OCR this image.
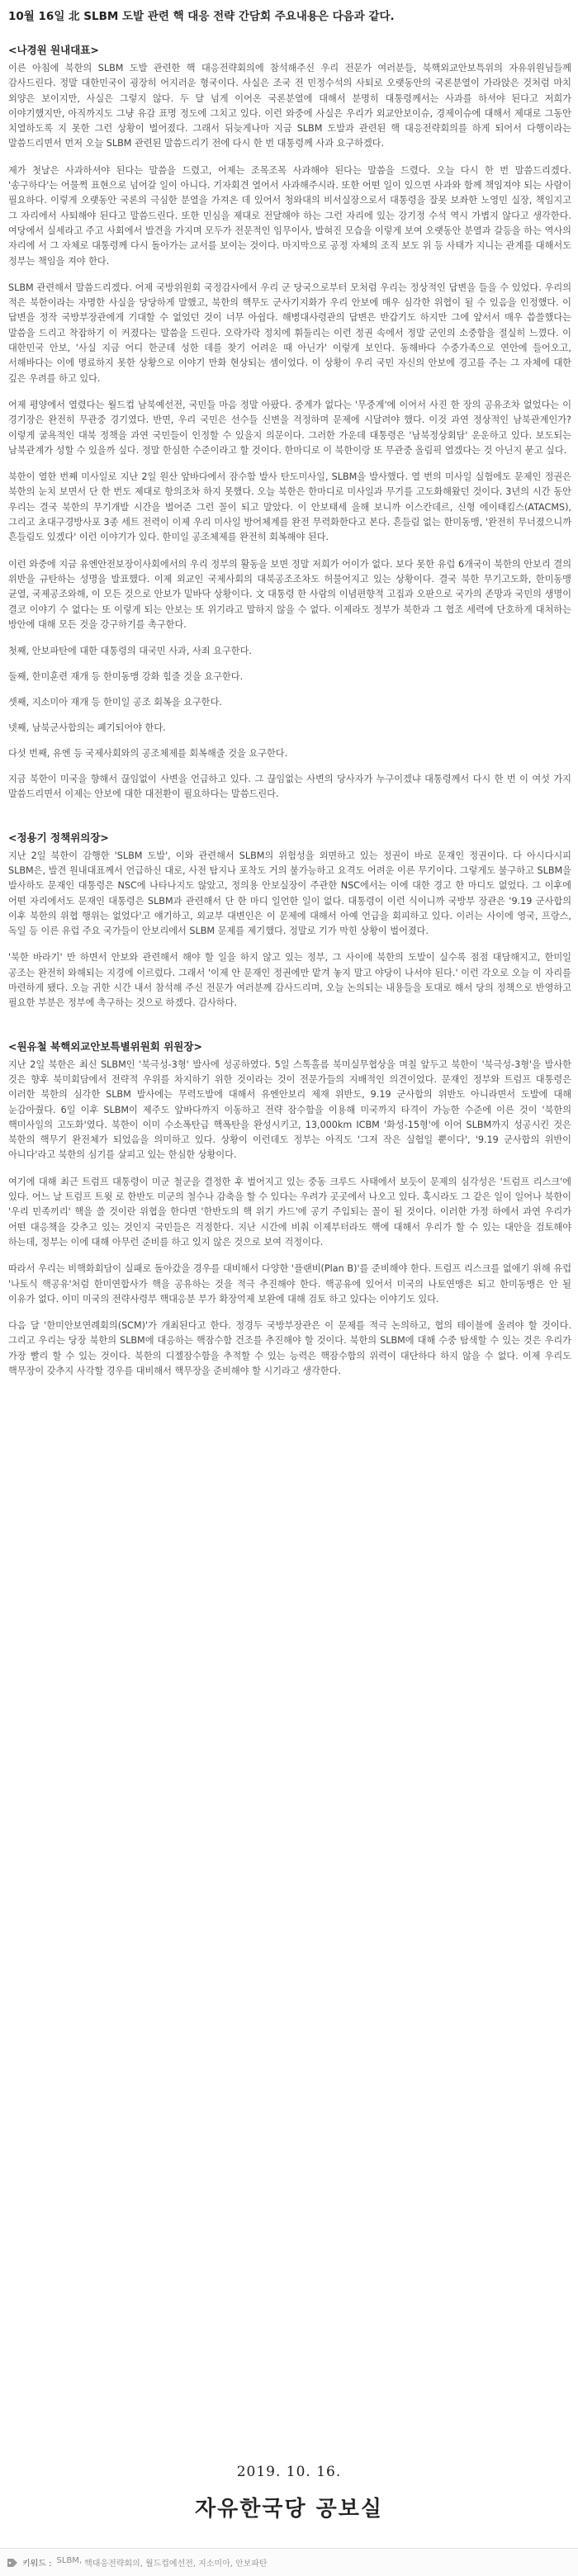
10월 16일 北 SLBM 도발 관련 핵 대응 전략 간담회 주요내용은 다음과 같다.

<나경원 원내대표>

이른 아침에 북한의 SLBM 도발 관련한 핵 대응전략회의에 참석해주신 우리 전문가 여러분들, 북핵외교안보특위의 자유위원님들께 감사드린다. 정말 대한민국이 굉장히 어지러운 형국이다. 사실은 조국 전 민정수석의 사퇴로 오랫동안의 국론분열이 가라앉은 것처럼 마치 외양은 보이지만, 사실은 그렇지 않다. 두 달 넘게 이어온 국론분열에 대해서 분명히 대통령께서는 사과를 하셔야 된다고 저희가 이야기했지만, 아직까지도 그냥 유감 표명 정도에 그치고 있다. 이런 와중에 사실은 우리가 외교안보이슈, 경제이슈에 대해서 제대로 그동안 치열하도록 지 못한 그런 상황이 벌어졌다. 그래서 뒤늦게나마 지금 SLBM 도발과 관련된 핵 대응전략회의를 하게 되어서 다행이라는 말씀드리면서 먼저 오늘 SLBM 관련된 말씀드리기 전에 다시 한 번 대통령께 사과 요구하겠다.

제가 첫날은 사과하셔야 된다는 말씀을 드렸고, 어제는 조목조목 사과해야 된다는 말씀을 드렸다. 오늘 다시 한 번 말씀드리겠다. '송구하다'는 어물쩍 표현으로 넘어갈 일이 아니다. 기자회견 열어서 사과해주시라. 또한 어떤 일이 있으면 사과와 함께 책임져야 되는 사람이 필요하다. 이렇게 오랫동안 국론의 극심한 분열을 가져온 데 있어서 청와대의 비서실장으로서 대통령을 잘못 보좌한 노영민 실장, 책임지고 그 자리에서 사퇴해야 된다고 말씀드린다. 또한 민심을 제대로 전달해야 하는 그런 자리에 있는 강기정 수석 역시 가볍지 않다고 생각한다. 여당에서 실세라고 주고 사회에서 발견을 가지며 모두가 전문적인 임무이사, 발혀진 모습을 이렇게 보여 오랫동안 분열과 갈등을 하는 역사의 자리에 서 그 자체로 대통령께 다시 돌아가는 교서를 보이는 것이다. 마지막으로 공정 자체의 조직 보도 위 등 사태가 지니는 관계를 대해서도 정부는 책임을 져야 한다.

SLBM 관련해서 말씀드리겠다. 어제 국방위원회 국정감사에서 우리 군 당국으로부터 모처럼 우리는 정상적인 답변을 들을 수 있었다. 우리의 적은 북한이라는 자명한 사실을 당당하게 말했고, 북한의 핵무도 군사기지화가 우리 안보에 매우 심각한 위협이 될 수 있음을 인정했다. 이 답변을 정작 국방부장관에게 기대할 수 없었던 것이 너무 아쉽다. 해병대사령관의 답변은 반갑기도 하지만 그에 앞서서 매우 씁쓸했다는 말씀을 드리고 착잡하기 이 커졌다는 말씀을 드린다. 오락가락 정치에 휘둘리는 이런 정권 속에서 정말 군인의 소중함을 절실히 느꼈다. 이 대한민국 안보, '사실 지금 어디 한군데 성한 데를 찾기 어려운 때 아닌가' 이렇게 보인다. 동해바다 수중가족으로 연안에 들어오고, 서해바다는 이에 명료하지 못한 상황으로 이야기 만화 현상되는 셈이었다. 이 상황이 우리 국민 자신의 안보에 경고를 주는 그 자체에 대한 깊은 우려를 하고 있다.

어제 평양에서 열렸다는 월드컵 남북예선전, 국민들 마음 정말 아팠다. 중계가 없다는 '무중계'에 이어서 사진 한 장의 공유조차 없었다는 이 경기장은 완전히 무관중 경기였다. 반면, 우리 국민은 선수들 신변을 걱정하며 문제에 시달려야 했다. 이것 과연 정상적인 남북관계인가? 이렇게 굴욕적인 대북 정책을 과연 국민들이 인정할 수 있을지 의문이다. 그러한 가운데 대통령은 '남북정상회담' 운운하고 있다. 보도되는 남북관계가 성할 수 있을까 싶다. 정말 한심한 수준이라고 할 것이다. 한마디로 이 북한이랑 또 무관중 올림픽 열겠다는 것 아닌지 묻고 싶다.

북한이 열한 번째 미사일로 지난 2일 원산 앞바다에서 잠수함 발사 탄도미사일, SLBM을 발사했다. 열 번의 미사일 실험에도 문제인 정권은 북한의 눈치 보면서 단 한 번도 제대로 항의조차 하지 못했다. 오늘 북한은 한마디로 미사일과 무기를 고도화해왔던 것이다. 3년의 시간 동안 우리는 결국 북한의 무기개발 시간을 벌어준 그런 꼴이 되고 말았다. 이 안보태세 을해 보니까 이스칸데르, 신형 에이태킴스(ATACMS), 그리고 초대구경방사포 3종 세트 전력이 이제 우리 미사일 방어체계를 완전 무력화한다고 본다. 흔들림 없는 한미동맹, '완전히 무너졌으니까 흔들림도 있겠다' 이런 이야기가 있다. 한미일 공조체제를 완전히 회복해야 된다.

이런 와중에 지금 유엔안전보장이사회에서의 우리 정부의 활동을 보면 정말 저희가 어이가 없다. 보다 못한 유럽 6개국이 북한의 안보리 결의 위반을 규탄하는 성명을 발표했다. 이제 외교인 국제사회의 대북공조조차도 허물어지고 있는 상황이다. 결국 북한 무기고도화, 한미동맹 균열, 국제공조와해, 이 모든 것으로 안보가 밑바닥 상황이다. 文 대통령 한 사람의 이념편향적 고집과 오판으로 국가의 존망과 국민의 생명이 결코 이야기 수 없다는 또 이렇게 되는 안보는 또 위기라고 말하지 않을 수 없다. 이제라도 정부가 북한과 그 협조 세력에 단호하게 대처하는 방안에 대해 모든 것을 강구하기를 촉구한다.

첫째, 안보파탄에 대한 대통령의 대국민 사과, 사죄 요구한다.

둘째, 한미훈련 재개 등 한미동맹 강화 힘줄 것을 요구한다.

셋째, 지소미아 재개 등 한미일 공조 회복을 요구한다.

넷째, 남북군사합의는 폐기되어야 한다.

다섯 번째, 유엔 등 국제사회와의 공조체제를 회복해줄 것을 요구한다.

지금 북한이 미국을 향해서 끊임없이 사변을 언급하고 있다. 그 끊임없는 사변의 당사자가 누구이겠냐 대통령께서 다시 한 번 이 여섯 가지 말씀드리면서 이제는 안보에 대한 대전환이 필요하다는 말씀드린다.

<정용기 정책위의장>

지난 2일 북한이 감행한 'SLBM 도발', 이와 관련해서 SLBM의 위험성을 외면하고 있는 정권이 바로 문재인 정권이다. 다 아시다시피 SLBM은, 발견 원내대표께서 언급하신 대로, 사전 탐지나 포착도 거의 불가능하고 요격도 어려운 이른 무기이다. 그렇게도 불구하고 SLBM을 발사하도 문재인 대통령은 NSC에 나타나지도 않았고, 정의용 안보실장이 주관한 NSC에서는 이에 대한 경고 한 마디도 없었다. 그 이후에 어떤 자리에서도 문재인 대통령은 SLBM과 관련해서 단 한 마디 일언한 일이 없다. 대통령이 이런 식이니까 국방부 장관은 '9.19 군사합의 이후 북한의 위협 행위는 없었다'고 얘기하고, 외교부 대변인은 이 문제에 대해서 아예 언급을 회피하고 있다. 이러는 사이에 영국, 프랑스, 독일 등 이른 유럽 주요 국가들이 안보리에서 SLBM 문제를 제기했다. 정말로 기가 막힌 상황이 벌어졌다.

'북한 바라기' 만 하면서 안보와 관련해서 해야 할 일을 하지 않고 있는 정부, 그 사이에 북한의 도발이 실수록 점점 대담해지고, 한미일 공조는 완전히 와해되는 지경에 이르렀다. 그래서 '이제 안 문재인 정권에만 맡겨 놓지 말고 야당이 나서야 된다.' 이런 각오로 오늘 이 자리를 마련하게 됐다. 오늘 귀한 시간 내서 참석해 주신 전문가 여러분께 감사드리며, 오늘 논의되는 내용들을 토대로 해서 당의 정책으로 반영하고 필요한 부분은 정부에 촉구하는 것으로 하겠다. 감사하다.

<원유철 북핵외교안보특별위원회 위원장>

지난 2일 북한은 최신 SLBM인 '북극성-3형' 발사에 성공하였다. 5일 스톡홀름 북미실무협상을 며칠 앞두고 북한이 '북극성-3형'을 발사한 것은 향후 북미회담에서 전략적 우위를 차지하기 위한 것이라는 것이 전문가들의 지배적인 의견이었다. 문재인 정부와 트럼프 대통령은 이러한 북한의 심각한 SLBM 발사에는 무력도발에 대해서 유엔안보리 제재 위반도, 9.19 군사합의 위반도 아니라면서 도발에 대해 눈감아줬다. 6일 이후 SLBM이 제주도 앞바다까지 이동하고 전략 잠수함을 이용해 미국까지 타격이 가능한 수준에 이른 것이 '북한의 핵미사일의 고도화'였다. 북한이 이미 수소폭탄급 핵폭탄을 완성시키고, 13,000km ICBM '화성-15형'에 이어 SLBM까지 성공시킨 것은 북한의 핵무기 완전체가 되었음을 의미하고 있다. 상황이 이런데도 정부는 아직도 '그저 작은 실험일 뿐이다', '9.19 군사합의 위반이 아니다'라고 북한의 심기를 살피고 있는 한심한 상황이다.

여기에 대해 최근 트럼프 대통령이 미군 철군을 결정한 후 벌어지고 있는 중동 크루드 사태에서 보듯이 문제의 심각성은 '트럼프 리스크'에 있다. 어느 날 트럼프 트윗 로 한반도 미군의 철수나 감축을 할 수 있다는 우려가 곳곳에서 나오고 있다. 혹시라도 그 같은 일이 일어나 북한이 '우리 민족끼리' 핵을 쓸 것이란 위협을 한다면 '한반도의 핵 위기 카드'에 공기 주입되는 꼴이 될 것이다. 이러한 가정 하에서 과연 우리가 어떤 대응책을 갖추고 있는 것인지 국민들은 걱정한다. 지난 시간에 비춰 이제부터라도 핵에 대해서 우리가 할 수 있는 대안을 검토해야 하는데, 정부는 이에 대해 아무런 준비를 하고 있지 않은 것으로 보여 걱정이다.

따라서 우리는 비핵화회담이 실패로 돌아갔을 경우를 대비해서 다양한 '플랜비(Plan B)'를 준비해야 한다. 트럼프 리스크를 없애기 위해 유럽 '나토식 핵공유'처럼 한미연합사가 핵을 공유하는 것을 적극 추진해야 한다. 핵공유에 있어서 미국의 나토연맹은 되고 한미동맹은 안 될 이유가 없다. 이미 미국의 전략사령부 핵대응분 부가 확장억제 보완에 대해 검토 하고 있다는 이야기도 있다.

다음 달 '한미안보연례회의(SCM)'가 개최된다고 한다. 정경두 국방부장관은 이 문제를 적극 논의하고, 협의 테이블에 올려야 할 것이다. 그리고 우리는 당장 북한의 SLBM에 대응하는 핵잠수함 건조를 추진해야 할 것이다. 북한의 SLBM에 대해 수중 탐색할 수 있는 것은 우리가 가장 빨리 할 수 있는 것이다. 북한의 디젤잠수함을 추적할 수 있는 능력은 핵잠수함의 위력이 대단하다 하지 않을 수 없다. 이제 우리도 핵무장이 갖추지 사각할 경우를 대비해서 핵무장을 준비해야 할 시기라고 생각한다.

2019. 10. 16.
자유한국당 공보실
키워드 : SLBM , 핵대응전략회의 , 월드컵예선전 , 지소미아 , 안보파탄
